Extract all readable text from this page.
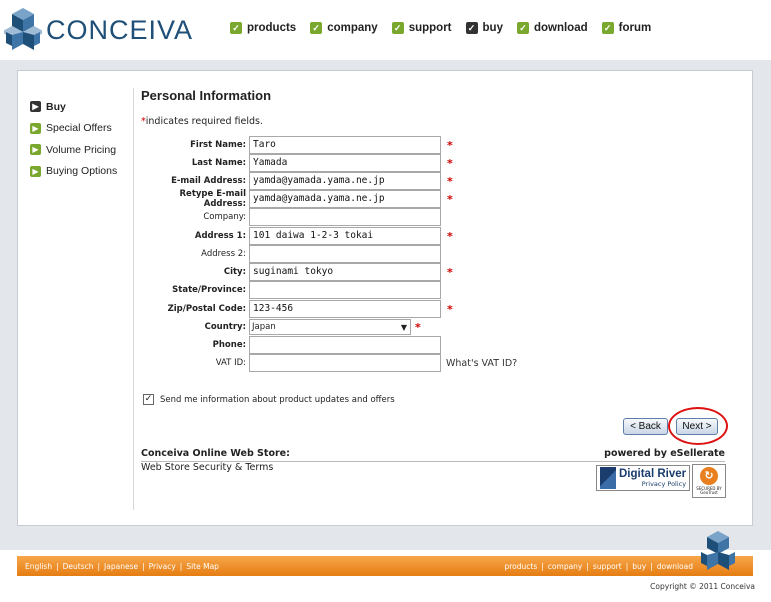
CONCEIVA	✓ products ✓ company ✓ support ✓ buy ✓ download ✓ forum
▶ Buy
▶ Special Offers
▶ Volume Pricing
▶ Buying Options
Personal Information
*indicates required fields.
First Name: Taro	*
Last Name: Yamada	*
E-mail Address: yamda@yamada.yama.ne.jp	*
Retype E-mail Address: yamda@yamada.yama.ne.jp	*
Company:
Address 1: 101 daiwa 1-2-3 tokai	*
Address 2:
City: suginami tokyo	*
State/Province:
Zip/Postal Code: 123-456	*
Country: Japan	▼ *
Phone:
VAT ID:	What's VAT ID?
✓ Send me information about product updates and offers
< Back	Next >
Conceiva Online Web Store:	powered by eSellerate
Web Store Security & Terms
Digital River
Privacy Policy
↻
SECURED BY GeoTrust
English | Deutsch | Japanese | Privacy | Site Map	products | company | support | buy | download
Copyright © 2011 Conceiva
